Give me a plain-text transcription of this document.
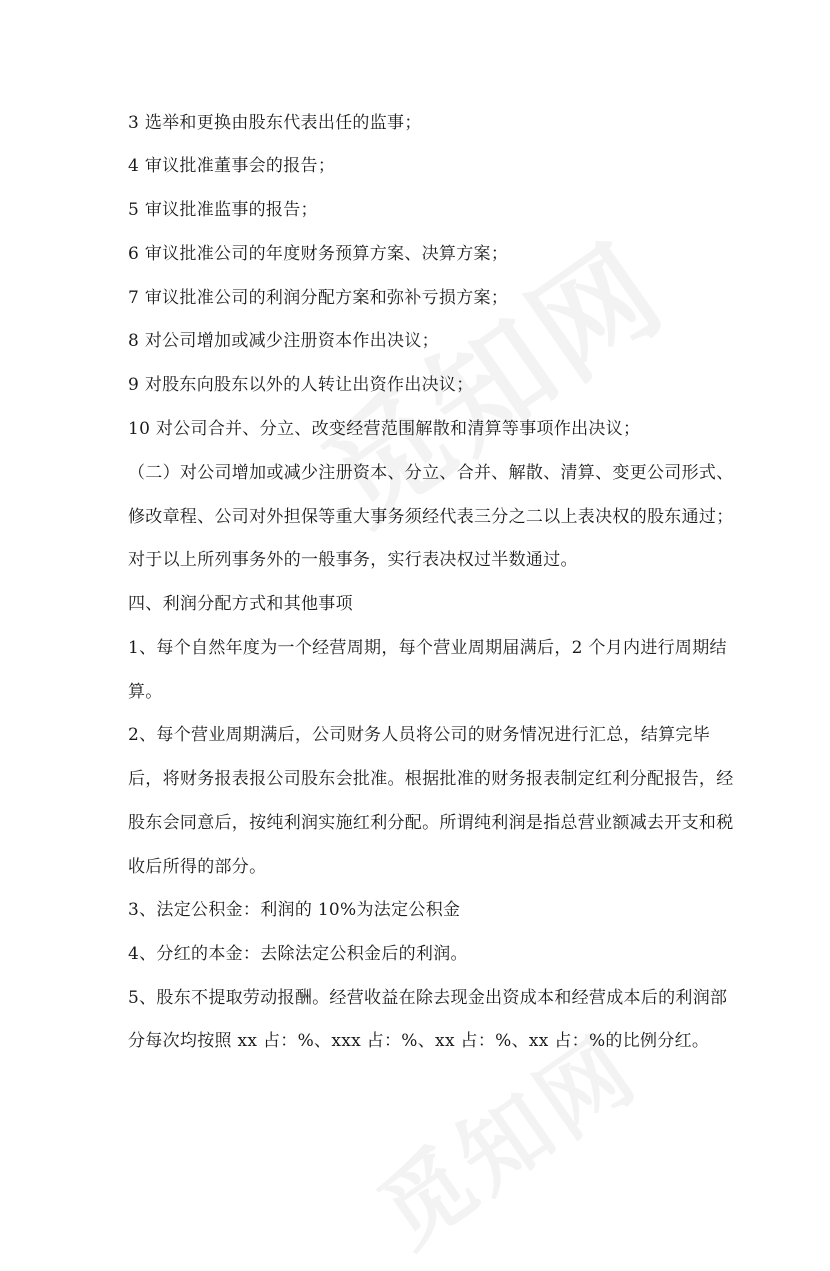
3 选举和更换由股东代表出任的监事；
4 审议批准董事会的报告；
5 审议批准监事的报告；
6 审议批准公司的年度财务预算方案、决算方案；
7 审议批准公司的利润分配方案和弥补亏损方案；
8 对公司增加或减少注册资本作出决议；
9 对股东向股东以外的人转让出资作出决议；
10 对公司合并、分立、改变经营范围解散和清算等事项作出决议；
（二）对公司增加或减少注册资本、分立、合并、解散、清算、变更公司形式、
修改章程、公司对外担保等重大事务须经代表三分之二以上表决权的股东通过；
对于以上所列事务外的一般事务，实行表决权过半数通过。
四、利润分配方式和其他事项
1、每个自然年度为一个经营周期，每个营业周期届满后，2 个月内进行周期结
算。
2、每个营业周期满后，公司财务人员将公司的财务情况进行汇总，结算完毕
后，将财务报表报公司股东会批准。根据批准的财务报表制定红利分配报告，经
股东会同意后，按纯利润实施红利分配。所谓纯利润是指总营业额减去开支和税
收后所得的部分。
3、法定公积金：利润的 10%为法定公积金
4、分红的本金：去除法定公积金后的利润。
5、股东不提取劳动报酬。经营收益在除去现金出资成本和经营成本后的利润部
分每次均按照 xx 占：%、xxx 占：%、xx 占：%、xx 占：%的比例分红。
